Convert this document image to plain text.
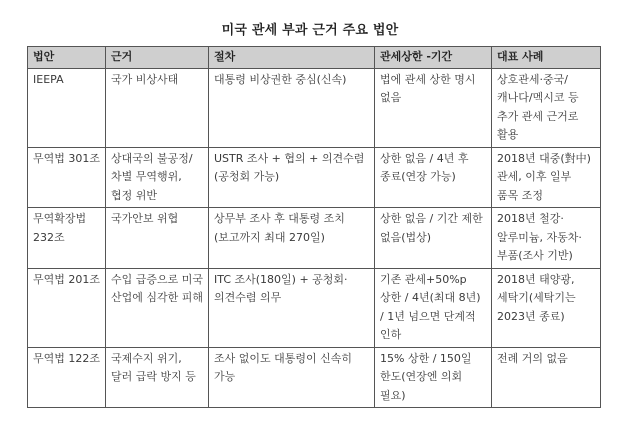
미국 관세 부과 근거 주요 법안
법안	근거	절차	관세상한 -기간	대표 사례
IEEPA	국가 비상사태	대통령 비상권한 중심(신속)	법에 관세 상한 명시 없음	상호관세·중국/캐나다/멕시코 등 추가 관세 근거로 활용
무역법 301조	상대국의 불공정/차별 무역행위, 협정 위반	USTR 조사 + 협의 + 의견수렴(공청회 가능)	상한 없음 / 4년 후 종료(연장 가능)	2018년 대중(對中) 관세, 이후 일부 품목 조정
무역확장법 232조	국가안보 위협	상무부 조사 후 대통령 조치(보고까지 최대 270일)	상한 없음 / 기간 제한 없음(법상)	2018년 철강·알루미늄, 자동차·부품(조사 기반)
무역법 201조	수입 급증으로 미국 산업에 심각한 피해	ITC 조사(180일) + 공청회·의견수렴 의무	기존 관세+50%p 상한 / 4년(최대 8년) / 1년 넘으면 단계적 인하	2018년 태양광, 세탁기(세탁기는 2023년 종료)
무역법 122조	국제수지 위기, 달러 급락 방지 등	조사 없이도 대통령이 신속히 가능	15% 상한 / 150일 한도(연장엔 의회 필요)	전례 거의 없음
